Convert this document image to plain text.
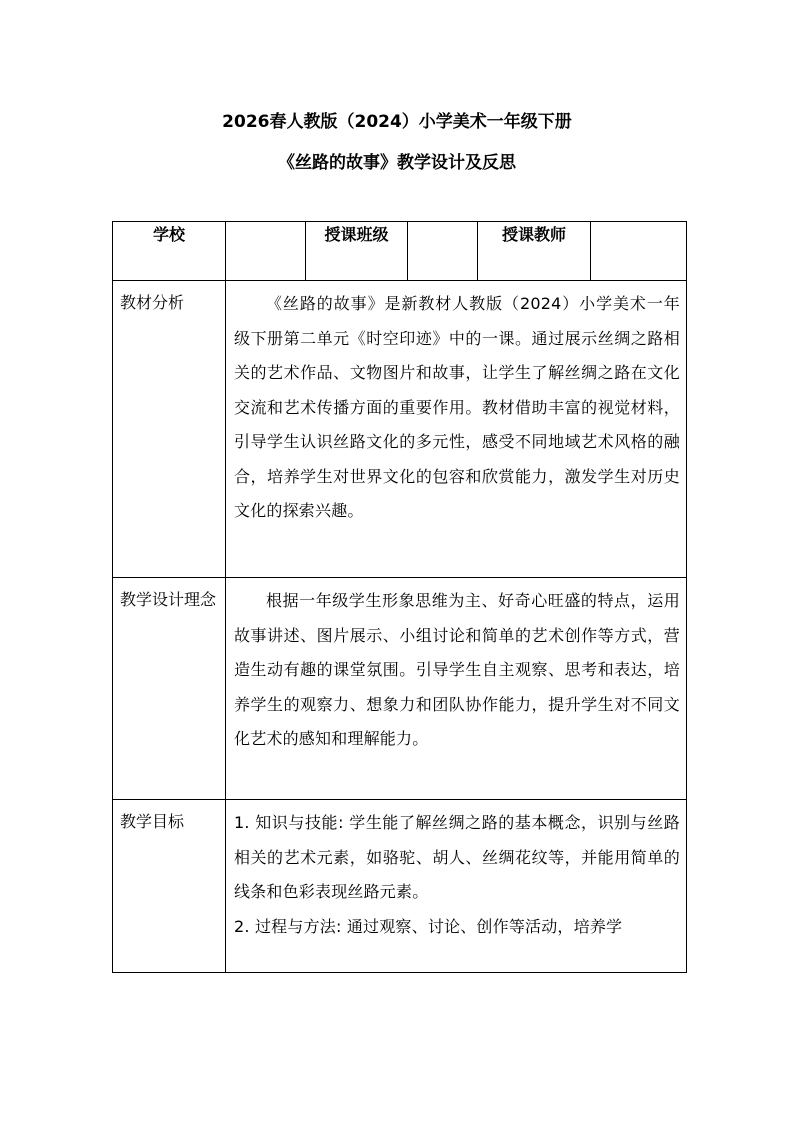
2026春人教版（2024）小学美术一年级下册
《丝路的故事》教学设计及反思
学校		授课班级		授课教师	
教材分析	《丝路的故事》是新教材人教版（2024）小学美术一年级下册第二单元《时空印迹》中的一课。通过展示丝绸之路相关的艺术作品、文物图片和故事，让学生了解丝绸之路在文化交流和艺术传播方面的重要作用。教材借助丰富的视觉材料，引导学生认识丝路文化的多元性，感受不同地域艺术风格的融合，培养学生对世界文化的包容和欣赏能力，激发学生对历史文化的探索兴趣。				

教学设计理念	根据一年级学生形象思维为主、好奇心旺盛的特点，运用故事讲述、图片展示、小组讨论和简单的艺术创作等方式，营造生动有趣的课堂氛围。引导学生自主观察、思考和表达，培养学生的观察力、想象力和团队协作能力，提升学生对不同文化艺术的感知和理解能力。				

教学目标	1. 知识与技能: 学生能了解丝绸之路的基本概念，识别与丝路相关的艺术元素，如骆驼、胡人、丝绸花纹等，并能用简单的线条和色彩表现丝路元素。

2. 过程与方法: 通过观察、讨论、创作等活动，培养学				
